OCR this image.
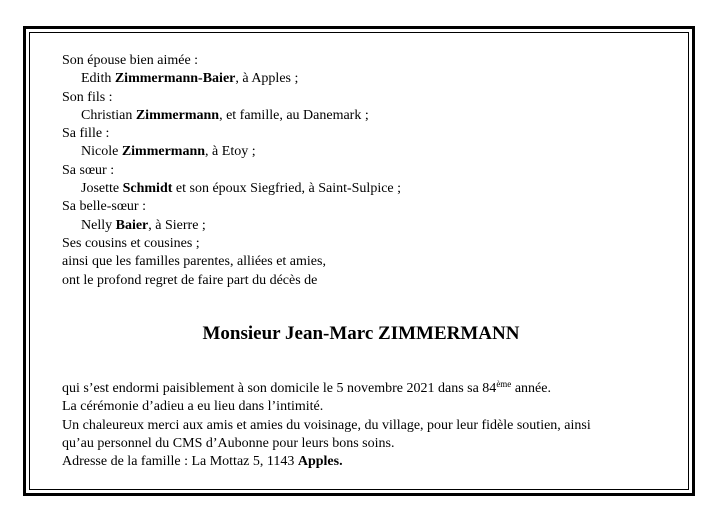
Son épouse bien aimée :
Edith Zimmermann-Baier, à Apples ;
Son fils :
Christian Zimmermann, et famille, au Danemark ;
Sa fille :
Nicole Zimmermann, à Etoy ;
Sa sœur :
Josette Schmidt et son époux Siegfried, à Saint-Sulpice ;
Sa belle-sœur :
Nelly Baier, à Sierre ;
Ses cousins et cousines ;
ainsi que les familles parentes, alliées et amies,
ont le profond regret de faire part du décès de
Monsieur Jean-Marc ZIMMERMANN
qui s’est endormi paisiblement à son domicile le 5 novembre 2021 dans sa 84ème année.
La cérémonie d’adieu a eu lieu dans l’intimité.
Un chaleureux merci aux amis et amies du voisinage, du village, pour leur fidèle soutien, ainsi
qu’au personnel du CMS d’Aubonne pour leurs bons soins.
Adresse de la famille : La Mottaz 5, 1143 Apples.
